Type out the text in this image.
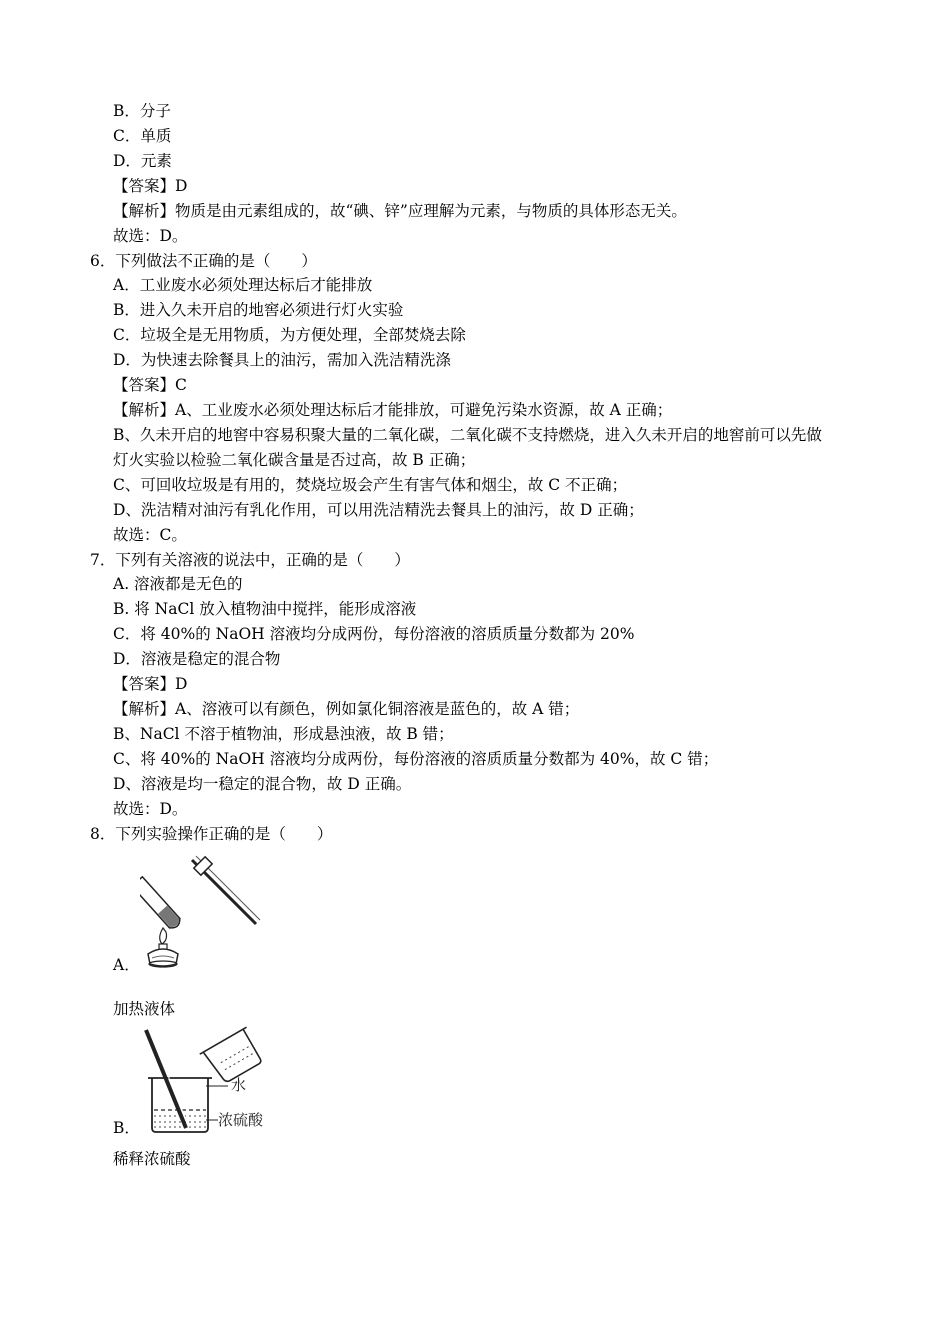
B．分子
C．单质
D．元素
【答案】D
【解析】物质是由元素组成的，故“碘、锌”应理解为元素，与物质的具体形态无关。
故选：D。
6．下列做法不正确的是（　　）
A．工业废水必须处理达标后才能排放
B．进入久未开启的地窖必须进行灯火实验
C．垃圾全是无用物质，为方便处理，全部焚烧去除
D．为快速去除餐具上的油污，需加入洗洁精洗涤
【答案】C
【解析】A、工业废水必须处理达标后才能排放，可避免污染水资源，故 A 正确；
B、久未开启的地窖中容易积聚大量的二氧化碳，二氧化碳不支持燃烧，进入久未开启的地窖前可以先做
灯火实验以检验二氧化碳含量是否过高，故 B 正确；
C、可回收垃圾是有用的，焚烧垃圾会产生有害气体和烟尘，故 C 不正确；
D、洗洁精对油污有乳化作用，可以用洗洁精洗去餐具上的油污，故 D 正确；
故选：C。
7．下列有关溶液的说法中，正确的是（　　）
A. 溶液都是无色的
B. 将 NaCl 放入植物油中搅拌，能形成溶液
C．将 40%的 NaOH 溶液均分成两份，每份溶液的溶质质量分数都为 20%
D．溶液是稳定的混合物
【答案】D
【解析】A、溶液可以有颜色，例如氯化铜溶液是蓝色的，故 A 错；
B、NaCl 不溶于植物油，形成悬浊液，故 B 错；
C、将 40%的 NaOH 溶液均分成两份，每份溶液的溶质质量分数都为 40%，故 C 错；
D、溶液是均一稳定的混合物，故 D 正确。
故选：D。
8．下列实验操作正确的是（　　）
A．
加热液体
水
浓硫酸
B．
稀释浓硫酸
